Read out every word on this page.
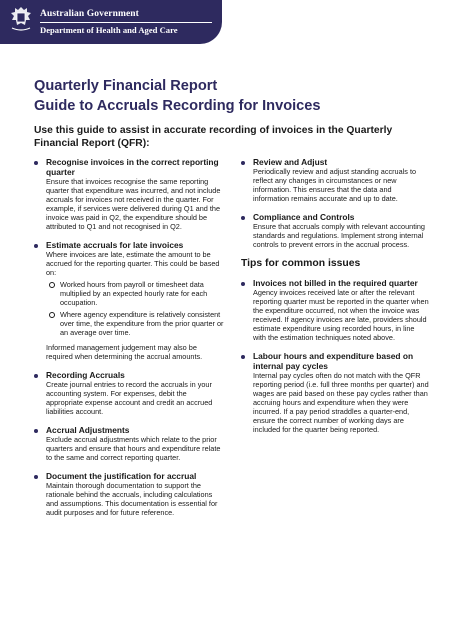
Australian Government
Department of Health and Aged Care
Quarterly Financial Report
Guide to Accruals Recording for Invoices
Use this guide to assist in accurate recording of invoices in the Quarterly Financial Report (QFR):
Recognise invoices in the correct reporting quarter
Ensure that invoices recognise the same reporting quarter that expenditure was incurred, and not include accruals for invoices not received in the quarter. For example, if services were delivered during Q1 and the invoice was paid in Q2, the expenditure should be attributed to Q1 and not recognised in Q2.
Estimate accruals for late invoices
Where invoices are late, estimate the amount to be accrued for the reporting quarter. This could be based on:
Worked hours from payroll or timesheet data multiplied by an expected hourly rate for each occupation.
Where agency expenditure is relatively consistent over time, the expenditure from the prior quarter or an average over time.
Informed management judgement may also be required when determining the accrual amounts.
Recording Accruals
Create journal entries to record the accruals in your accounting system. For expenses, debit the appropriate expense account and credit an accrued liabilities account.
Accrual Adjustments
Exclude accrual adjustments which relate to the prior quarters and ensure that hours and expenditure relate to the same and correct reporting quarter.
Document the justification for accrual
Maintain thorough documentation to support the rationale behind the accruals, including calculations and assumptions. This documentation is essential for audit purposes and for future reference.
Review and Adjust
Periodically review and adjust standing accruals to reflect any changes in circumstances or new information. This ensures that the data and information remains accurate and up to date.
Compliance and Controls
Ensure that accruals comply with relevant accounting standards and regulations. Implement strong internal controls to prevent errors in the accrual process.
Tips for common issues
Invoices not billed in the required quarter
Agency invoices received late or after the relevant reporting quarter must be reported in the quarter when the expenditure occurred, not when the invoice was received. If agency invoices are late, providers should estimate expenditure using recorded hours, in line with the estimation techniques noted above.
Labour hours and expenditure based on internal pay cycles
Internal pay cycles often do not match with the QFR reporting period (i.e. full three months per quarter) and wages are paid based on these pay cycles rather than accruing hours and expenditure when they were incurred. If a pay period straddles a quarter-end, ensure the correct number of working days are included for the quarter being reported.
